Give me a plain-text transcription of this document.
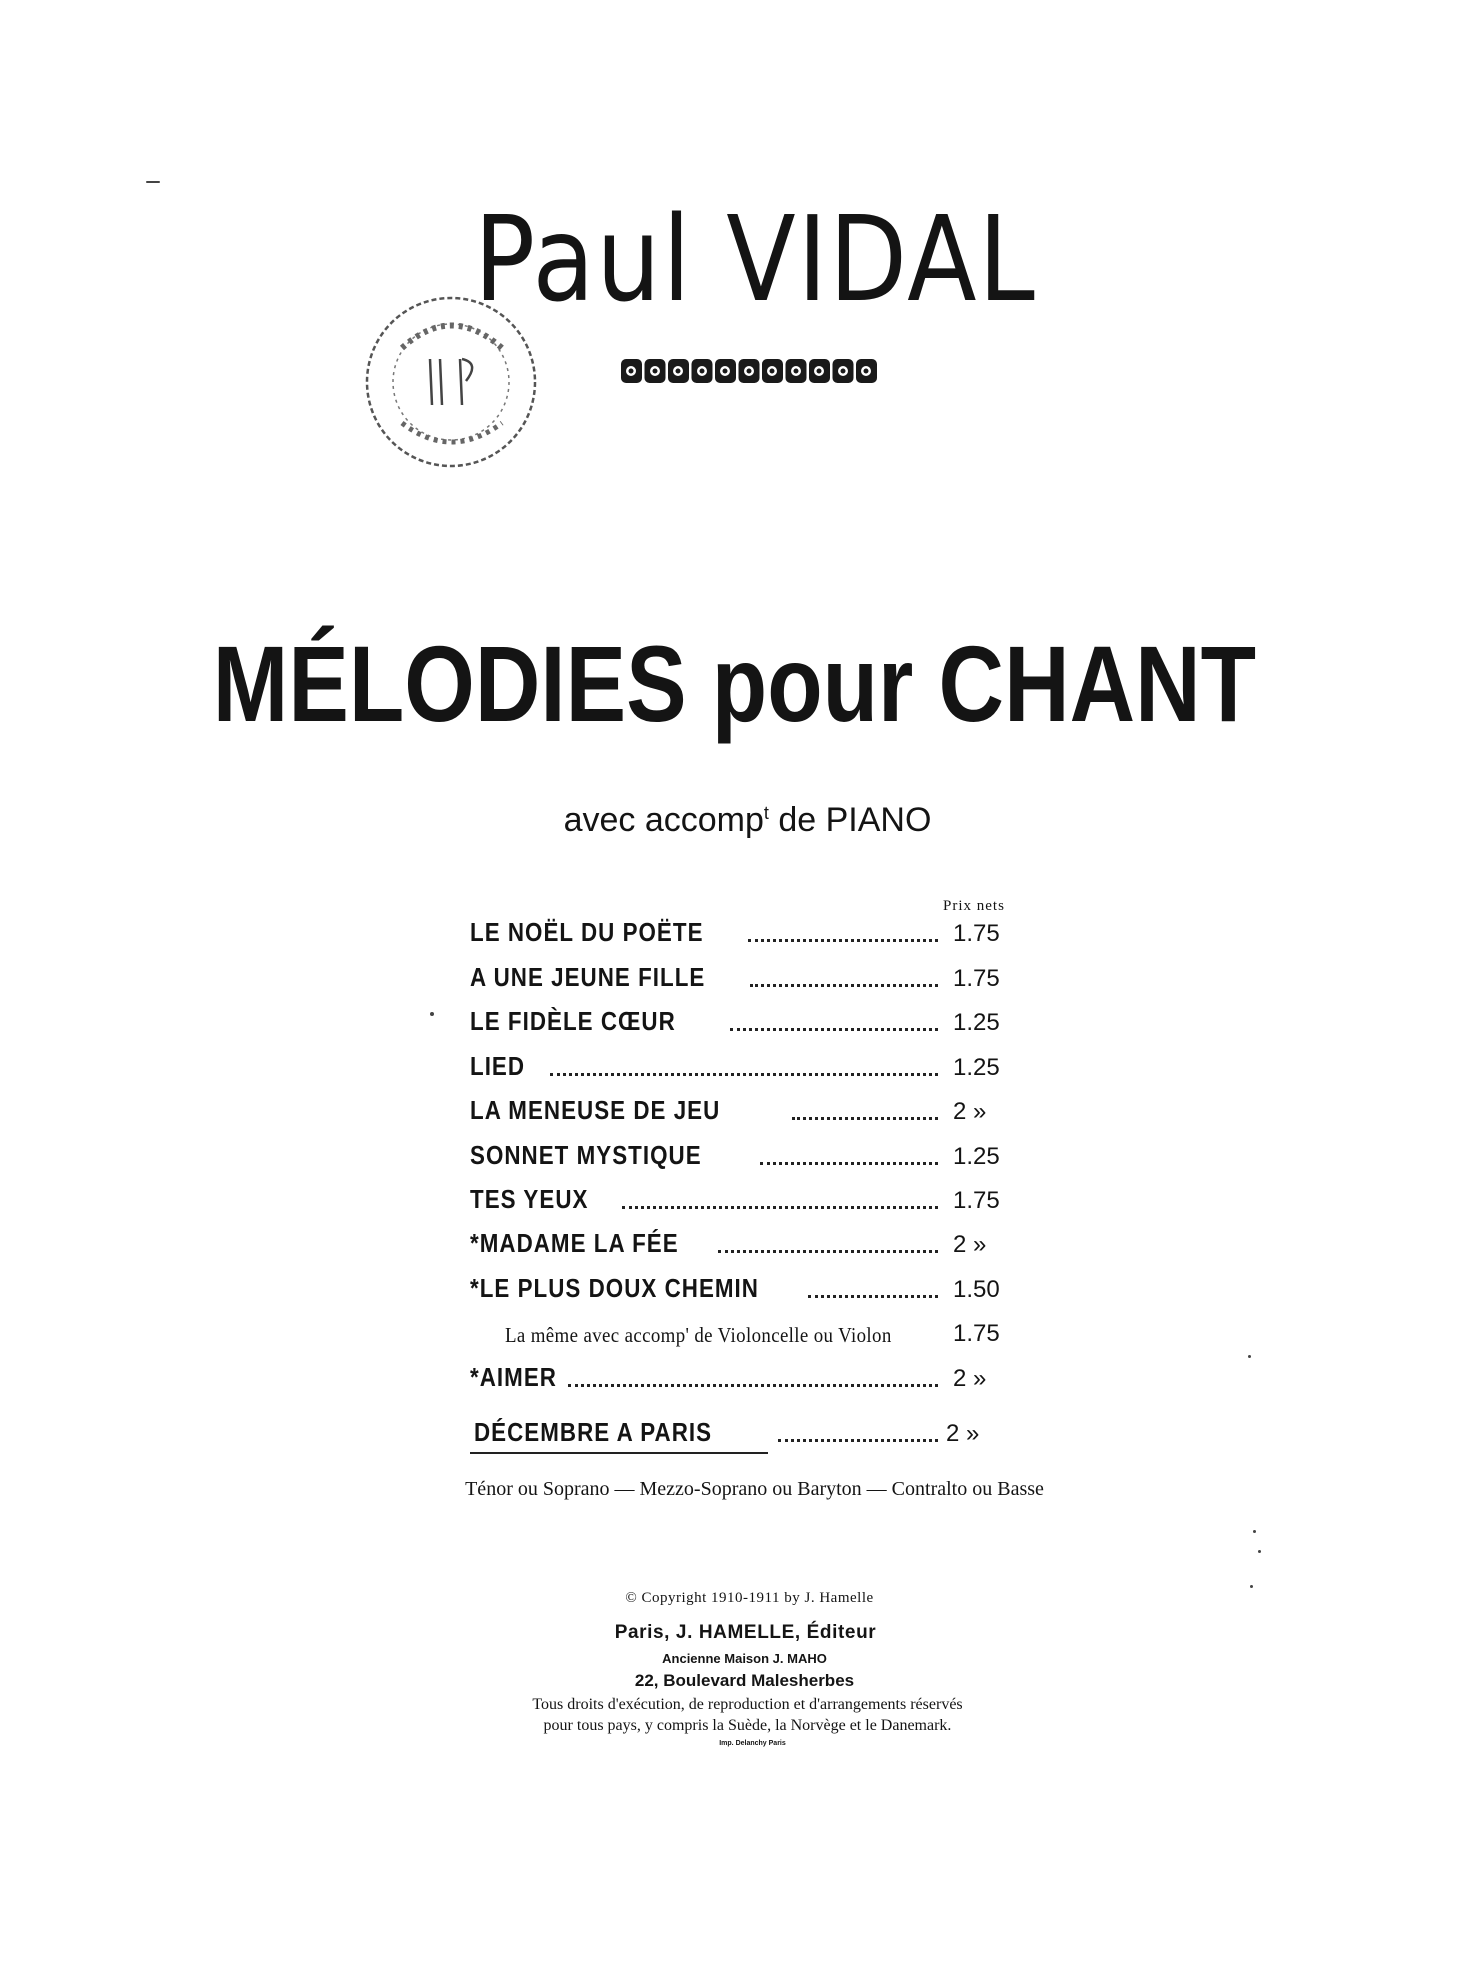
Paul VIDAL
MÉLODIES pour CHANT
avec accomp$^t$ de PIANO
Prix nets
LE NOËL DU POËTE	1.75
A UNE JEUNE FILLE	1.75
LE FIDÈLE CŒUR	1.25
LIED	1.25
LA MENEUSE DE JEU	2 »
SONNET MYSTIQUE	1.25
TES YEUX	1.75
*MADAME LA FÉE	2 »
*LE PLUS DOUX CHEMIN	1.50
La même avec accomp' de Violoncelle ou Violon	1.75
*AIMER	2 »
DÉCEMBRE A PARIS	2 »
Ténor ou Soprano — Mezzo-Soprano ou Baryton — Contralto ou Basse
© Copyright 1910-1911 by J. Hamelle
Paris, J. HAMELLE, Éditeur
Ancienne Maison J. MAHO
22, Boulevard Malesherbes
Tous droits d'exécution, de reproduction et d'arrangements réservés
pour tous pays, y compris la Suède, la Norvège et le Danemark.
Imp. Delanchy Paris
